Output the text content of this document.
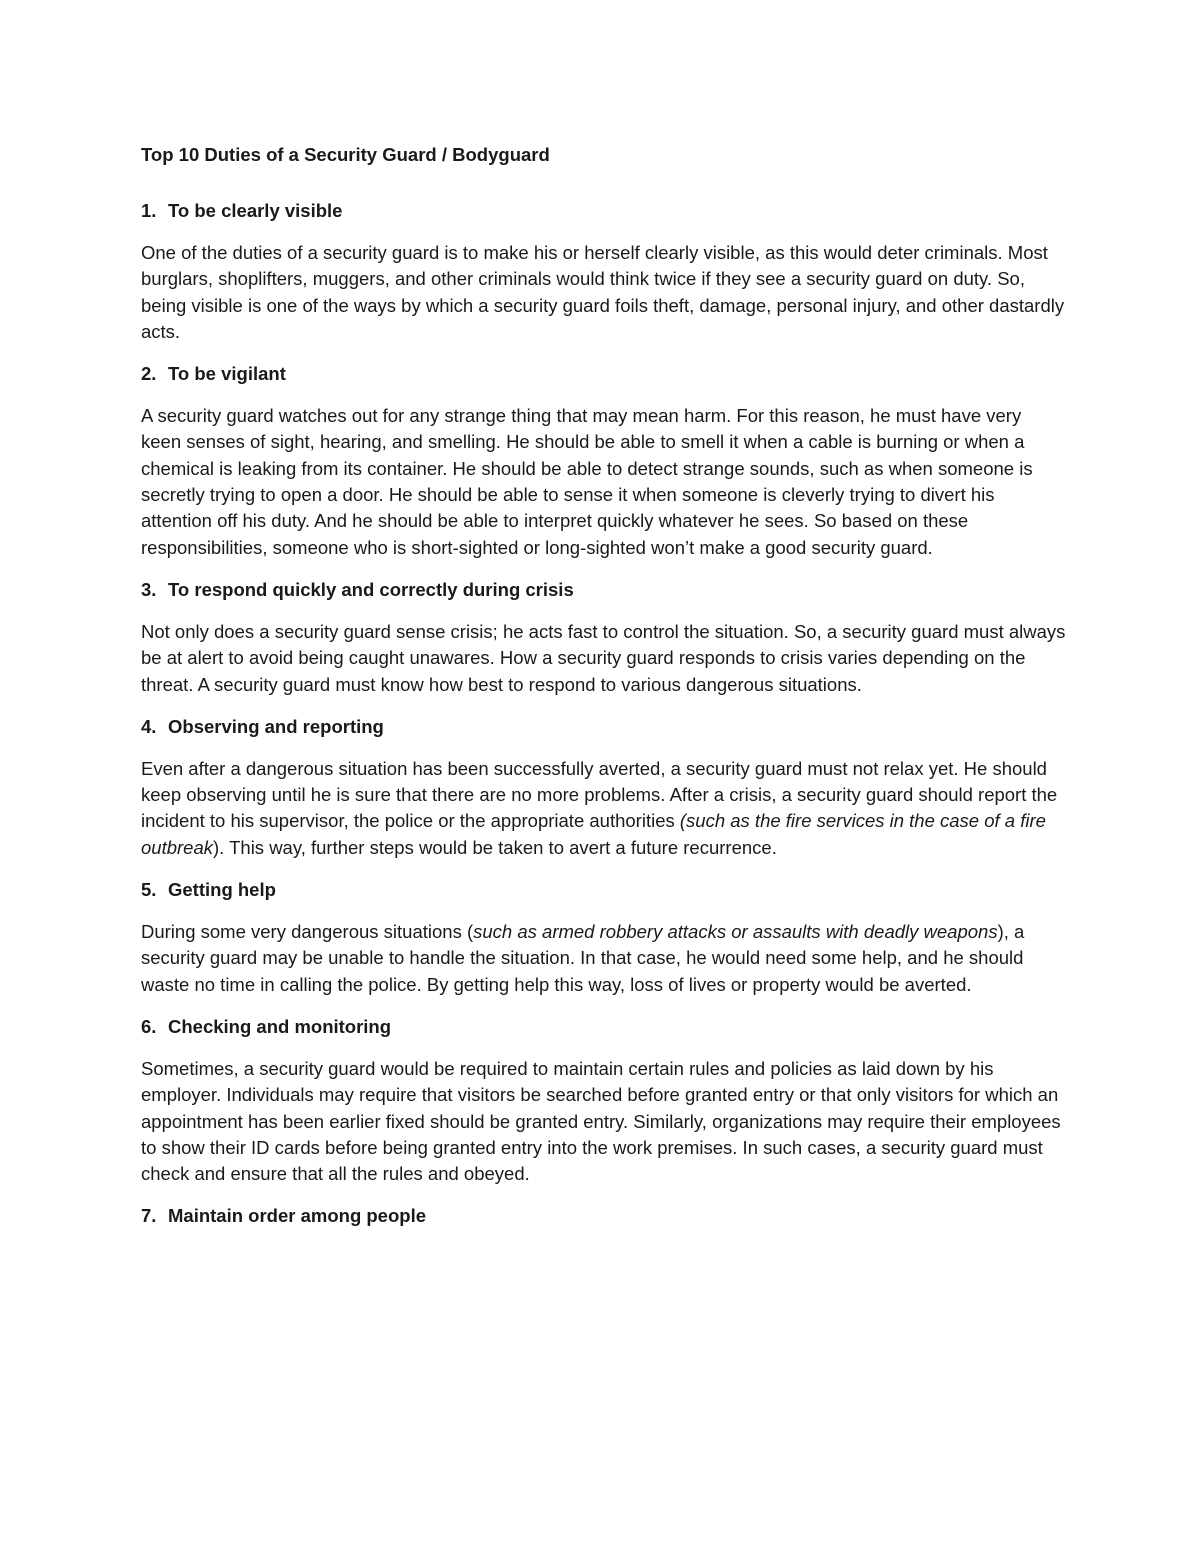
Top 10 Duties of a Security Guard / Bodyguard
1. To be clearly visible

One of the duties of a security guard is to make his or herself clearly visible, as this would deter criminals. Most burglars, shoplifters, muggers, and other criminals would think twice if they see a security guard on duty. So, being visible is one of the ways by which a security guard foils theft, damage, personal injury, and other dastardly acts.

2. To be vigilant

A security guard watches out for any strange thing that may mean harm. For this reason, he must have very keen senses of sight, hearing, and smelling. He should be able to smell it when a cable is burning or when a chemical is leaking from its container. He should be able to detect strange sounds, such as when someone is secretly trying to open a door. He should be able to sense it when someone is cleverly trying to divert his attention off his duty. And he should be able to interpret quickly whatever he sees. So based on these responsibilities, someone who is short-sighted or long-sighted won’t make a good security guard.

3. To respond quickly and correctly during crisis

Not only does a security guard sense crisis; he acts fast to control the situation. So, a security guard must always be at alert to avoid being caught unawares. How a security guard responds to crisis varies depending on the threat. A security guard must know how best to respond to various dangerous situations.

4. Observing and reporting

Even after a dangerous situation has been successfully averted, a security guard must not relax yet. He should keep observing until he is sure that there are no more problems. After a crisis, a security guard should report the incident to his supervisor, the police or the appropriate authorities (such as the fire services in the case of a fire outbreak). This way, further steps would be taken to avert a future recurrence.

5. Getting help

During some very dangerous situations (such as armed robbery attacks or assaults with deadly weapons), a security guard may be unable to handle the situation. In that case, he would need some help, and he should waste no time in calling the police. By getting help this way, loss of lives or property would be averted.

6. Checking and monitoring

Sometimes, a security guard would be required to maintain certain rules and policies as laid down by his employer. Individuals may require that visitors be searched before granted entry or that only visitors for which an appointment has been earlier fixed should be granted entry. Similarly, organizations may require their employees to show their ID cards before being granted entry into the work premises. In such cases, a security guard must check and ensure that all the rules and obeyed.

7. Maintain order among people
